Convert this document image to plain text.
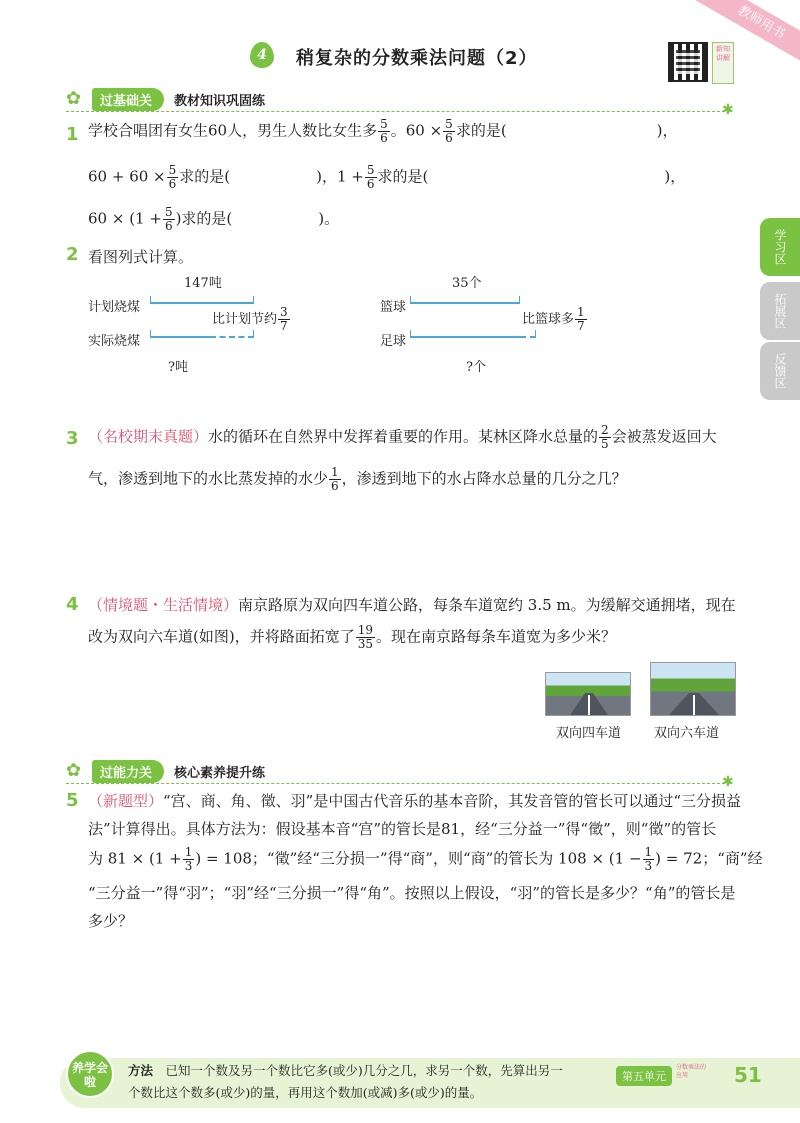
教师用书
4	稍复杂的分数乘法问题（2）	新知讲解
学习区
拓展区
反馈区
✿	过基础关	教材知识巩固练
✱
1 学校合唱团有女生60人，男生人数比女生多 $\frac{5}{6}$ 。$60 \times \frac{5}{6}$ 求的是(	)，
$60 + 60 \times \frac{5}{6}$ 求的是(	)，$1 + \frac{5}{6}$ 求的是(	)，
$60 \times (1 + \frac{5}{6}$ )求的是(	)。
2 看图列式计算。
147吨
计划烧煤
比计划节约 $\frac{3}{7}$
实际烧煤
?吨
35个
篮球
比篮球多 $\frac{1}{7}$
足球
?个
3 （名校期末真题）水的循环在自然界中发挥着重要的作用。某林区降水总量的 $\frac{2}{5}$ 会被蒸发返回大
气，渗透到地下的水比蒸发掉的水少 $\frac{1}{6}$ ，渗透到地下的水占降水总量的几分之几？
4 （情境题・生活情境）南京路原为双向四车道公路，每条车道宽约 3.5 m。为缓解交通拥堵，现在
改为双向六车道(如图)，并将路面拓宽了 $\frac{19}{35}$ 。现在南京路每条车道宽为多少米？
双向四车道	双向六车道
✿	过能力关	核心素养提升练
✱
5 （新题型）“宫、商、角、徵、羽”是中国古代音乐的基本音阶，其发音管的管长可以通过“三分损益
法”计算得出。具体方法为：假设基本音“宫”的管长是81，经“三分益一”得“徵”，则“徵”的管长
为 $81 \times (1 + \frac{1}{3}$ ) = 108；“徵”经“三分损一”得“商”，则“商”的管长为 $108 \times (1 - \frac{1}{3}$ ) = 72；“商”经
“三分益一”得“羽”；“羽”经“三分损一”得“角”。按照以上假设，“羽”的管长是多少？“角”的管长是
多少？
养学会啦
方法　 已知一个数及另一个数比它多(或少)几分之几，求另一个数，先算出另一
个数比这个数多(或少)的量，再用这个数加(或减)多(或少)的量。
第五单元
分数乘法的应用	51
